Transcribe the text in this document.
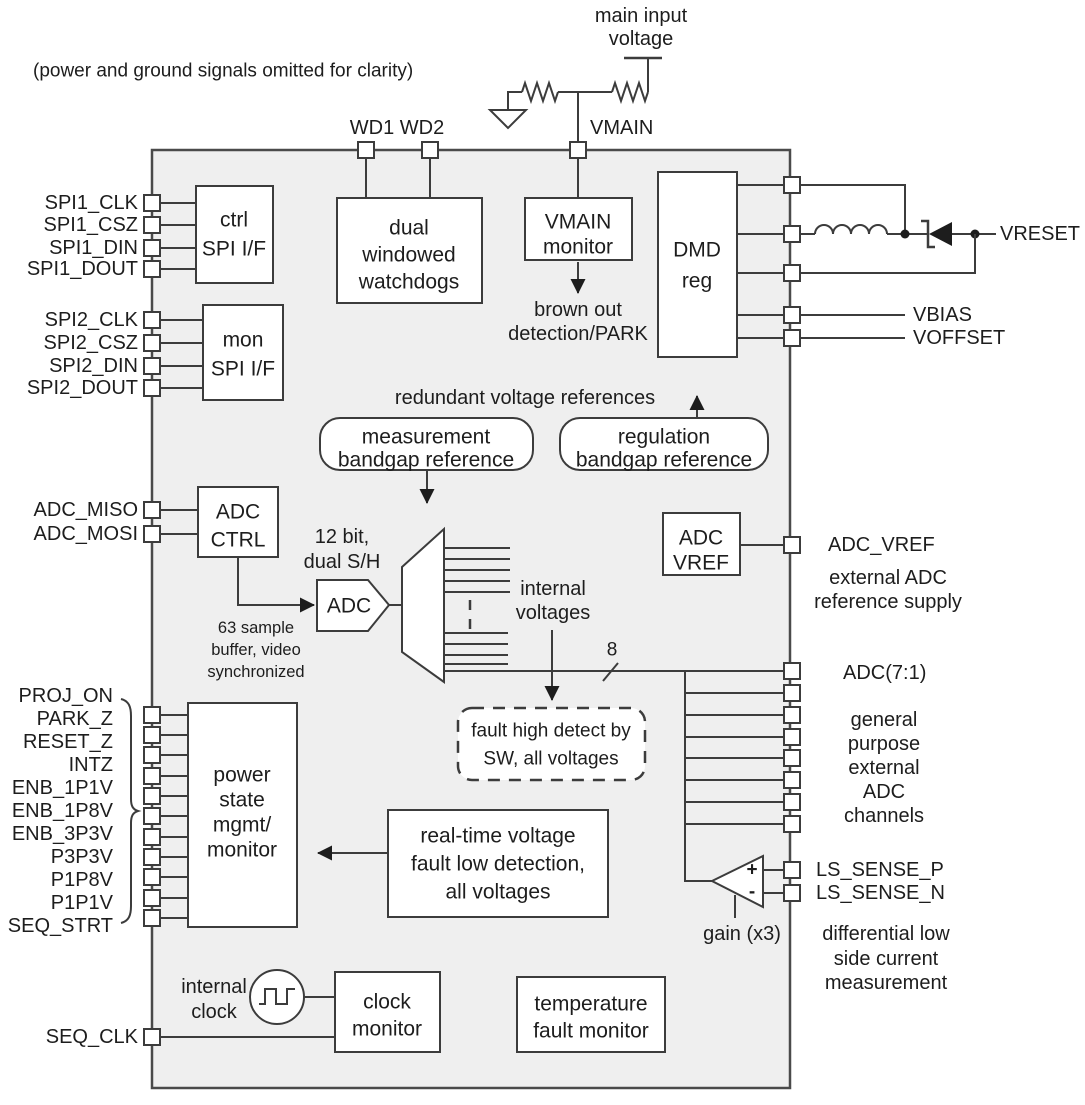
(power and ground signals omitted for clarity)
main input
voltage
VMAIN
WD1 WD2
SPI1_CLK
SPI1_CSZ
SPI1_DIN
SPI1_DOUT
SPI2_CLK
SPI2_CSZ
SPI2_DIN
SPI2_DOUT
ADC_MISO
ADC_MOSI
PROJ_ON
PARK_Z
RESET_Z
INTZ
ENB_1P1V
ENB_1P8V
ENB_3P3V
P3P3V
P1P8V
P1P1V
SEQ_STRT
SEQ_CLK
ctrl
SPI I/F
mon
SPI I/F
dual
windowed
watchdogs
VMAIN
monitor
brown out
detection/PARK
DMD
reg
redundant voltage references
measurement
bandgap reference
regulation
bandgap reference
ADC
CTRL
63 sample
buffer, video
synchronized
12 bit,
dual S/H
ADC
internal
voltages
8
+
-
gain (x3)
power
state
mgmt/
monitor
fault high detect by
SW, all voltages
real-time voltage
fault low detection,
all voltages
internal
clock	clock
monitor
temperature
fault monitor
ADC
VREF
VRESET
VBIAS
VOFFSET
ADC_VREF
external ADC
reference supply
ADC(7:1)
general
purpose
external
ADC
channels
LS_SENSE_P
LS_SENSE_N
differential low
side current
measurement
